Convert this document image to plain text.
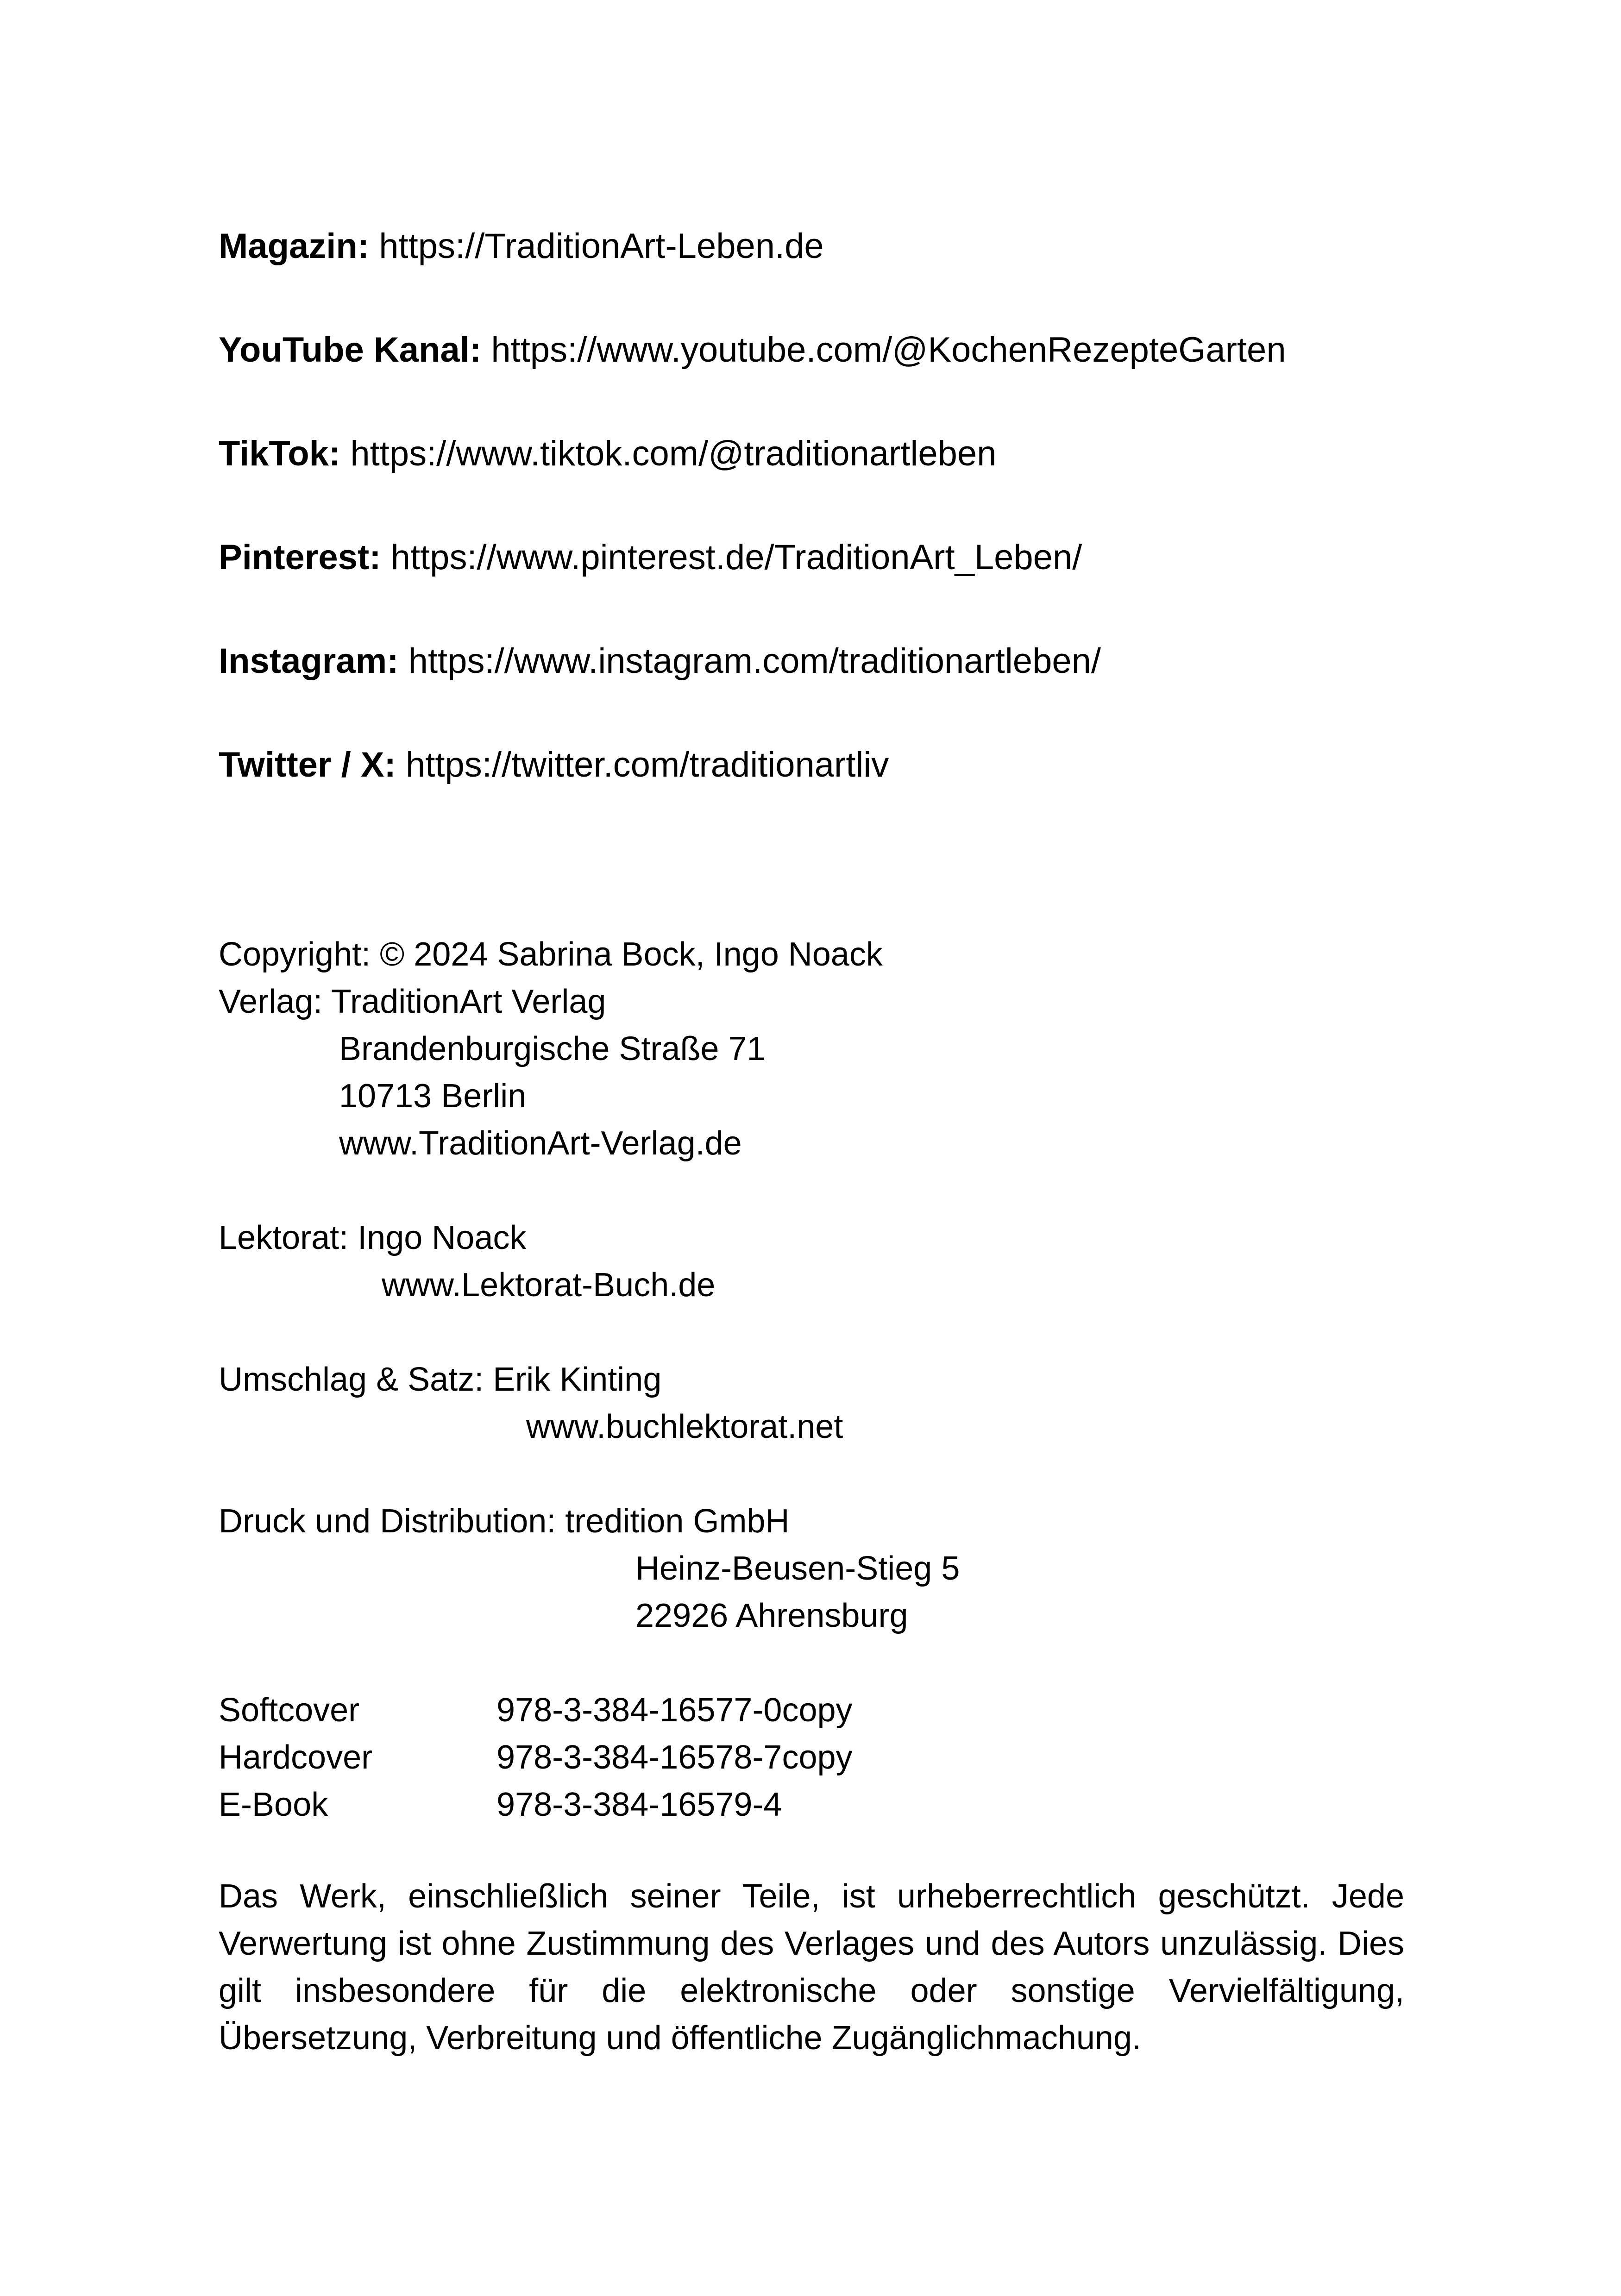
Magazin: https://TraditionArt-Leben.de
YouTube Kanal: https://www.youtube.com/@KochenRezepteGarten
TikTok: https://www.tiktok.com/@traditionartleben
Pinterest: https://www.pinterest.de/TraditionArt_Leben/
Instagram: https://www.instagram.com/traditionartleben/
Twitter / X: https://twitter.com/traditionartliv
Copyright: © 2024 Sabrina Bock, Ingo Noack
Verlag: TraditionArt Verlag
Brandenburgische Straße 71
10713 Berlin
www.TraditionArt-Verlag.de
Lektorat: Ingo Noack
www.Lektorat-Buch.de
Umschlag & Satz: Erik Kinting
www.buchlektorat.net
Druck und Distribution: tredition GmbH
Heinz-Beusen-Stieg 5
22926 Ahrensburg
Softcover	978-3-384-16577-0copy
Hardcover	978-3-384-16578-7copy
E-Book	978-3-384-16579-4
Das Werk, einschließlich seiner Teile, ist urheberrechtlich geschützt. Jede Verwertung ist ohne Zustimmung des Verlages und des Autors unzulässig. Dies gilt insbesondere für die elektronische oder sonstige Vervielfältigung, Übersetzung, Verbreitung und öffentliche Zugänglichmachung.
